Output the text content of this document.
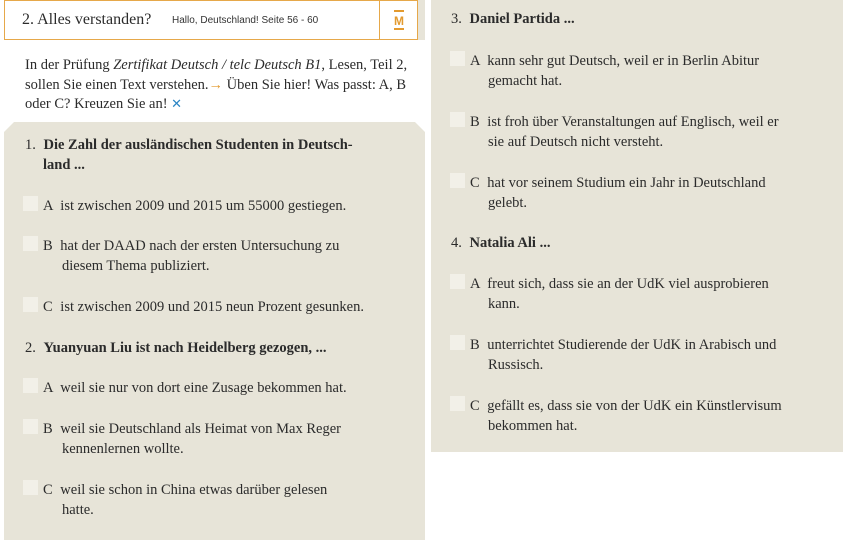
2. Alles verstanden? Hallo, Deutschland! Seite 56 - 60	M
In der Prüfung Zertifikat Deutsch / telc Deutsch B1, Lesen, Teil 2, sollen Sie einen Text verstehen.→ Üben Sie hier! Was passt: A, B oder C? Kreuzen Sie an! ✕
1. Die Zahl der ausländischen Studenten in Deutsch-
land ...
A ist zwischen 2009 und 2015 um 55000 gestiegen.
B hat der DAAD nach der ersten Untersuchung zu
diesem Thema publiziert.
C ist zwischen 2009 und 2015 neun Prozent gesunken.
2. Yuanyuan Liu ist nach Heidelberg gezogen, ...
A weil sie nur von dort eine Zusage bekommen hat.
B weil sie Deutschland als Heimat von Max Reger
kennenlernen wollte.
C weil sie schon in China etwas darüber gelesen
hatte.
3. Daniel Partida ...
A kann sehr gut Deutsch, weil er in Berlin Abitur
gemacht hat.
B ist froh über Veranstaltungen auf Englisch, weil er
sie auf Deutsch nicht versteht.
C hat vor seinem Studium ein Jahr in Deutschland
gelebt.
4. Natalia Ali ...
A freut sich, dass sie an der UdK viel ausprobieren
kann.
B unterrichtet Studierende der UdK in Arabisch und
Russisch.
C gefällt es, dass sie von der UdK ein Künstlervisum
bekommen hat.
